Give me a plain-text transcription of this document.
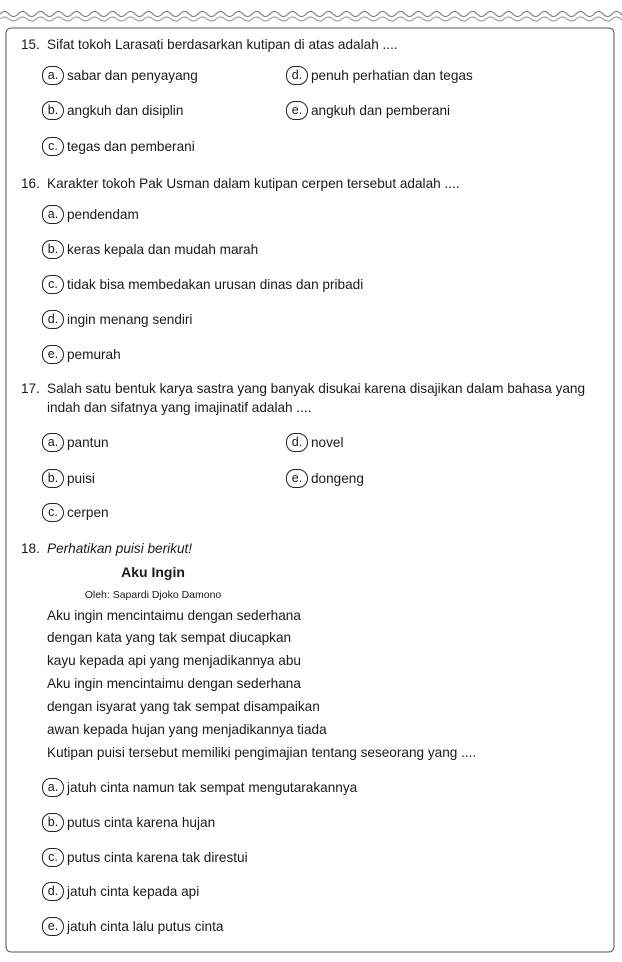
15. Sifat tokoh Larasati berdasarkan kutipan di atas adalah ....
a. sabar dan penyayang	d. penuh perhatian dan tegas
b. angkuh dan disiplin	e. angkuh dan pemberani
c. tegas dan pemberani
16. Karakter tokoh Pak Usman dalam kutipan cerpen tersebut adalah ....
a. pendendam
b. keras kepala dan mudah marah
c. tidak bisa membedakan urusan dinas dan pribadi
d. ingin menang sendiri
e. pemurah
17. Salah satu bentuk karya sastra yang banyak disukai karena disajikan dalam bahasa yang
indah dan sifatnya yang imajinatif adalah ....
a. pantun	d. novel
b. puisi	e. dongeng
c. cerpen
18. Perhatikan puisi berikut!
Aku Ingin
Oleh: Sapardi Djoko Damono
Aku ingin mencintaimu dengan sederhana
dengan kata yang tak sempat diucapkan
kayu kepada api yang menjadikannya abu
Aku ingin mencintaimu dengan sederhana
dengan isyarat yang tak sempat disampaikan
awan kepada hujan yang menjadikannya tiada
Kutipan puisi tersebut memiliki pengimajian tentang seseorang yang ....
a. jatuh cinta namun tak sempat mengutarakannya
b. putus cinta karena hujan
c. putus cinta karena tak direstui
d. jatuh cinta kepada api
e. jatuh cinta lalu putus cinta
